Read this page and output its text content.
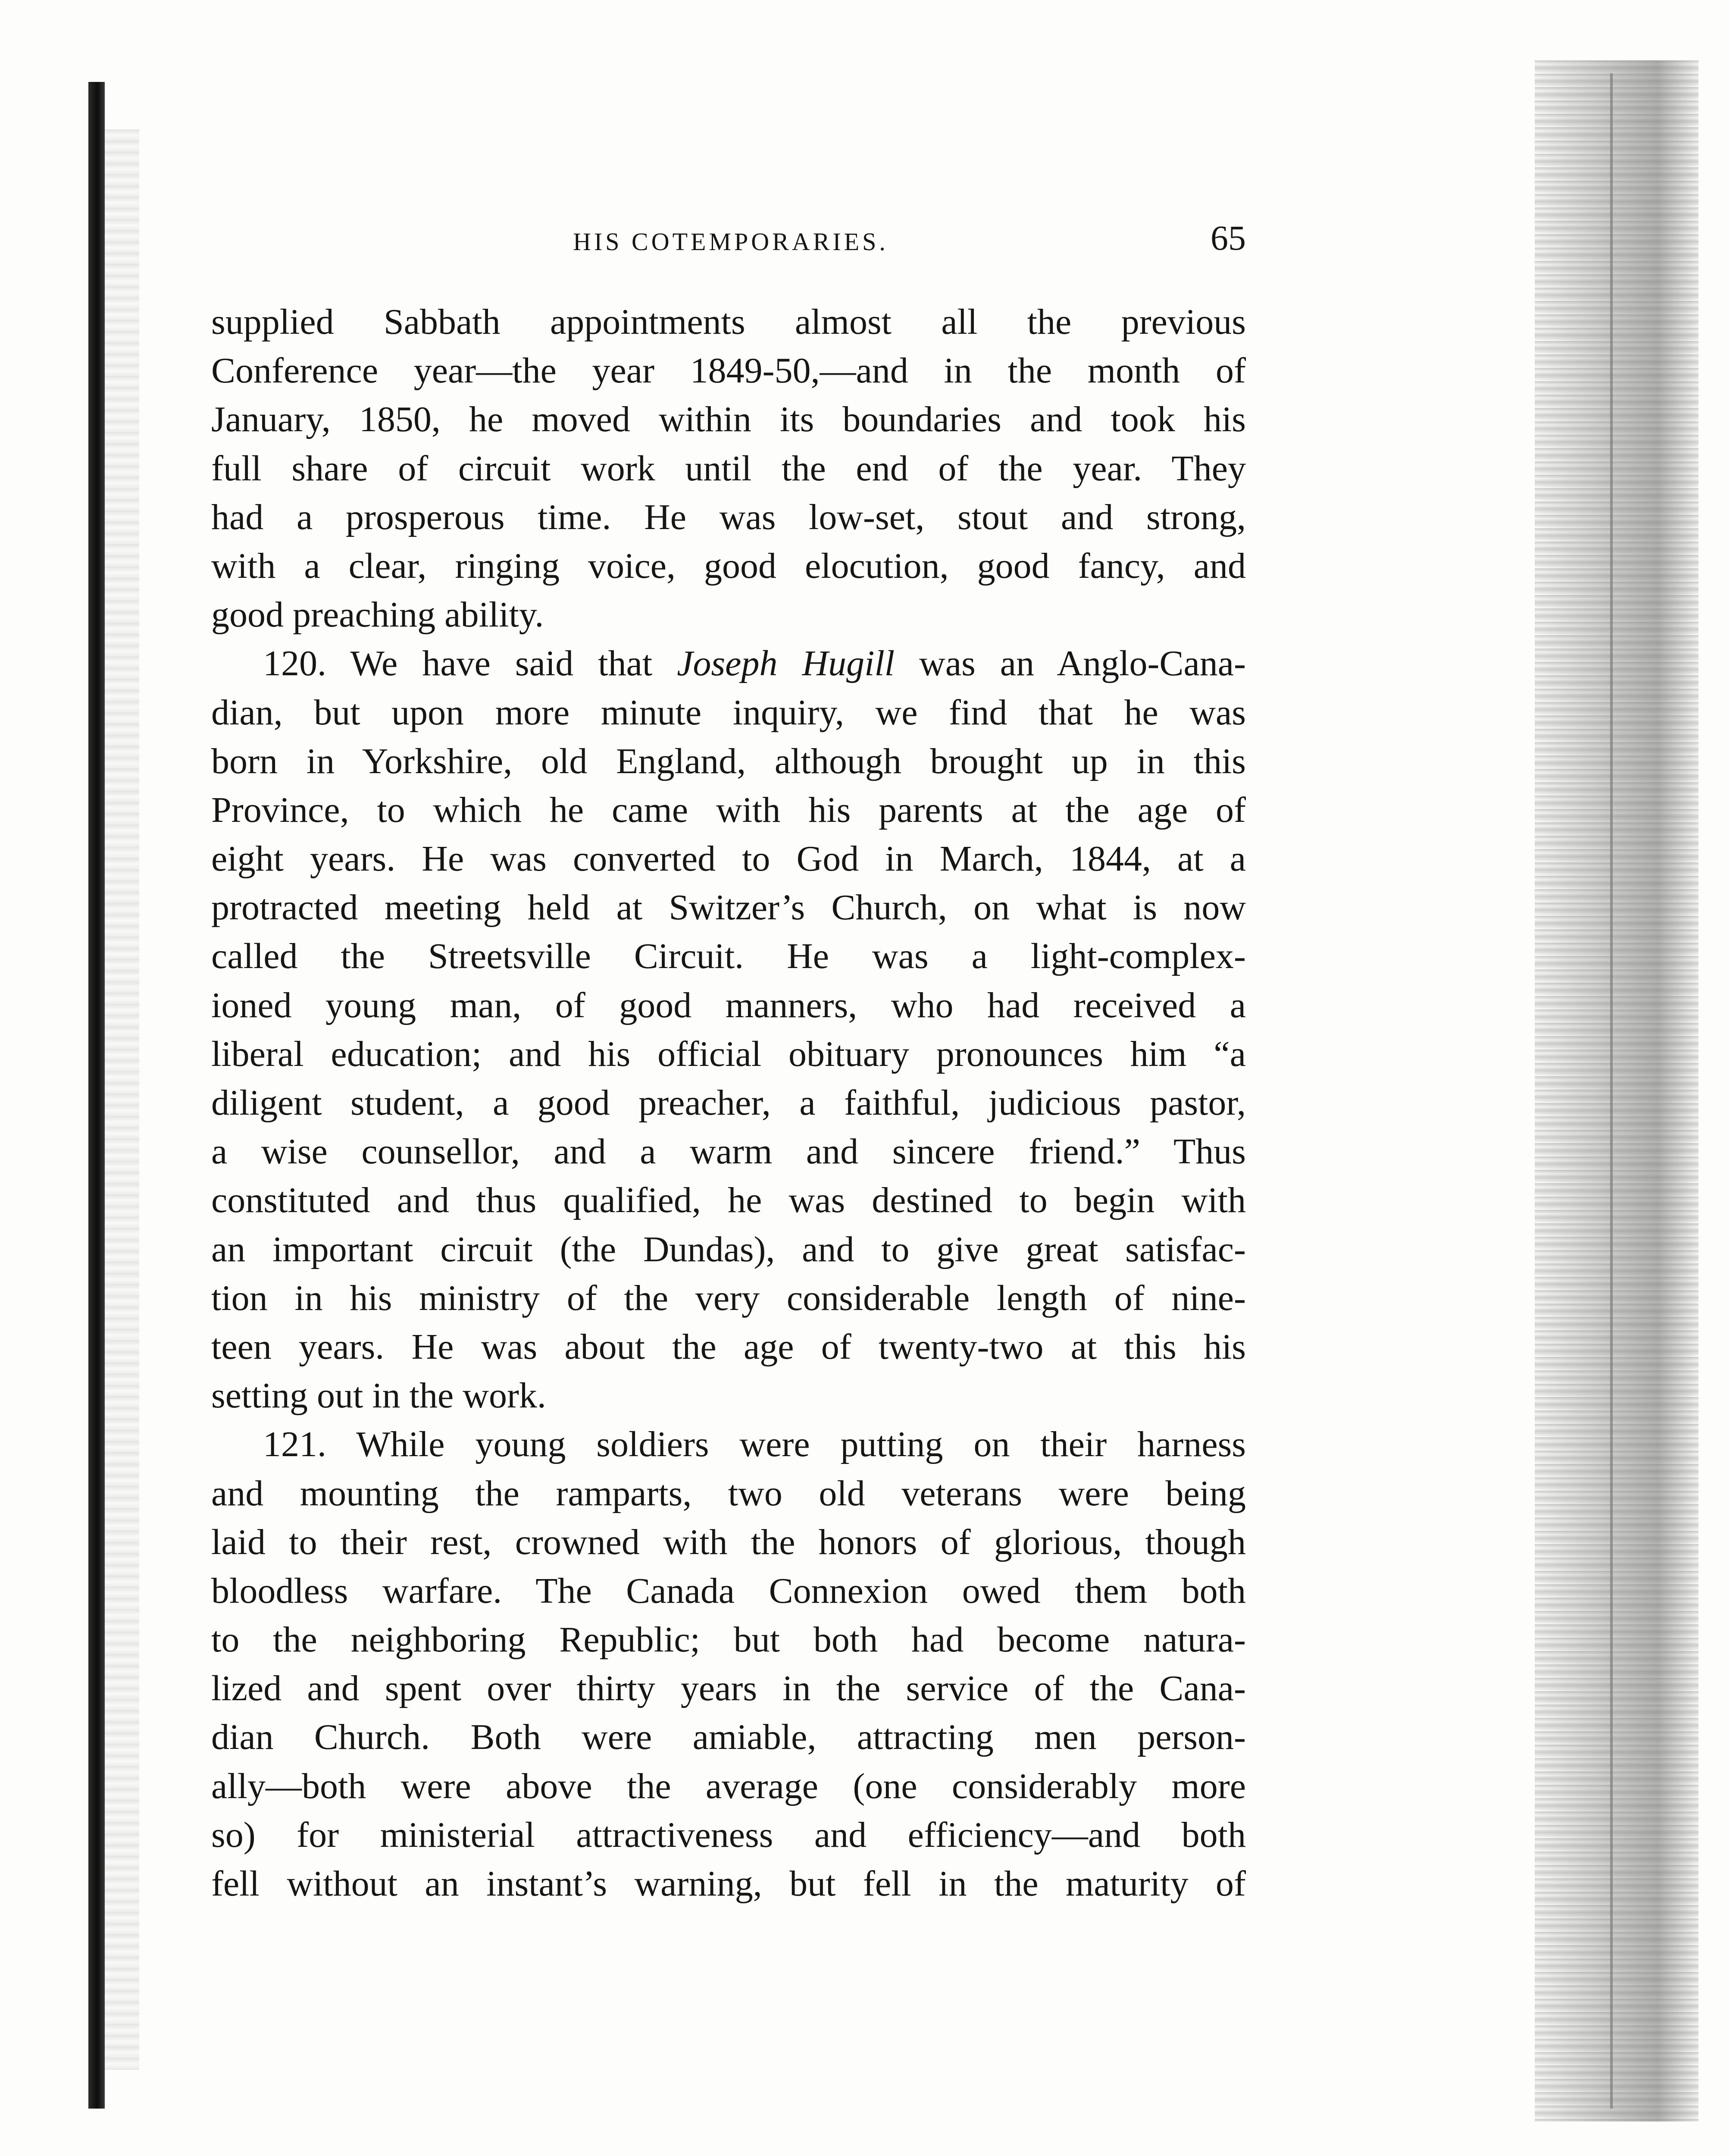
HIS COTEMPORARIES.	65
supplied Sabbath appointments almost all the previous
Conference year—the year 1849-50,—and in the month of
January, 1850, he moved within its boundaries and took his
full share of circuit work until the end of the year. They
had a prosperous time. He was low-set, stout and strong,
with a clear, ringing voice, good elocution, good fancy, and
good preaching ability.
120. We have said that Joseph Hugill was an Anglo-Cana-
dian, but upon more minute inquiry, we find that he was
born in Yorkshire, old England, although brought up in this
Province, to which he came with his parents at the age of
eight years. He was converted to God in March, 1844, at a
protracted meeting held at Switzer’s Church, on what is now
called the Streetsville Circuit. He was a light-complex-
ioned young man, of good manners, who had received a
liberal education; and his official obituary pronounces him “a
diligent student, a good preacher, a faithful, judicious pastor,
a wise counsellor, and a warm and sincere friend.” Thus
constituted and thus qualified, he was destined to begin with
an important circuit (the Dundas), and to give great satisfac-
tion in his ministry of the very considerable length of nine-
teen years. He was about the age of twenty-two at this his
setting out in the work.
121. While young soldiers were putting on their harness
and mounting the ramparts, two old veterans were being
laid to their rest, crowned with the honors of glorious, though
bloodless warfare. The Canada Connexion owed them both
to the neighboring Republic; but both had become natura-
lized and spent over thirty years in the service of the Cana-
dian Church. Both were amiable, attracting men person-
ally—both were above the average (one considerably more
so) for ministerial attractiveness and efficiency—and both
fell without an instant’s warning, but fell in the maturity of
